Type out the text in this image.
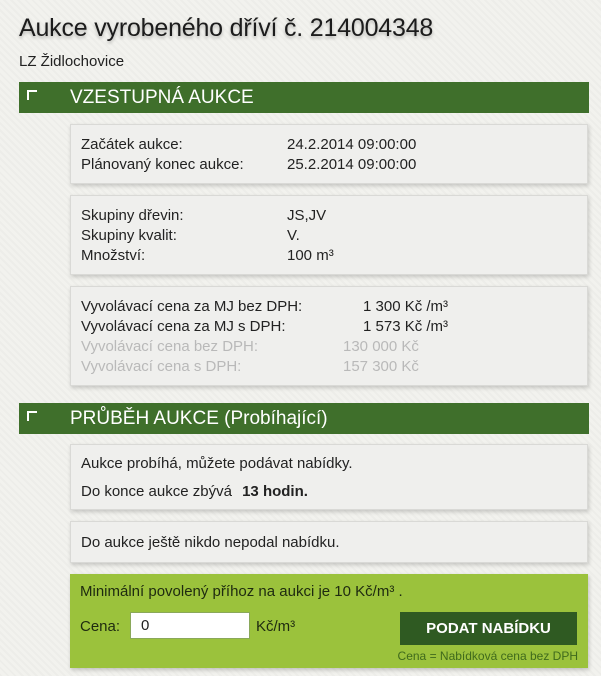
Aukce vyrobeného dříví č. 214004348
LZ Židlochovice
VZESTUPNÁ AUKCE
Začátek aukce:	24.2.2014 09:00:00
Plánovaný konec aukce:	25.2.2014 09:00:00
Skupiny dřevin:	JS,JV
Skupiny kvalit:	V.
Množství:	100 m³
Vyvolávací cena za MJ bez DPH:	1 300 Kč /m³
Vyvolávací cena za MJ s DPH:	1 573 Kč /m³
Vyvolávací cena bez DPH:	130 000 Kč
Vyvolávací cena s DPH:	157 300 Kč
PRŮBĚH AUKCE (Probíhající)
Aukce probíhá, můžete podávat nabídky.
Do konce aukce zbývá 13 hodin.
Do aukce ještě nikdo nepodal nabídku.
Minimální povolený příhoz na aukci je 10 Kč/m³ .
Cena:
0	Kč/m³	PODAT NABÍDKU
Cena = Nabídková cena bez DPH
